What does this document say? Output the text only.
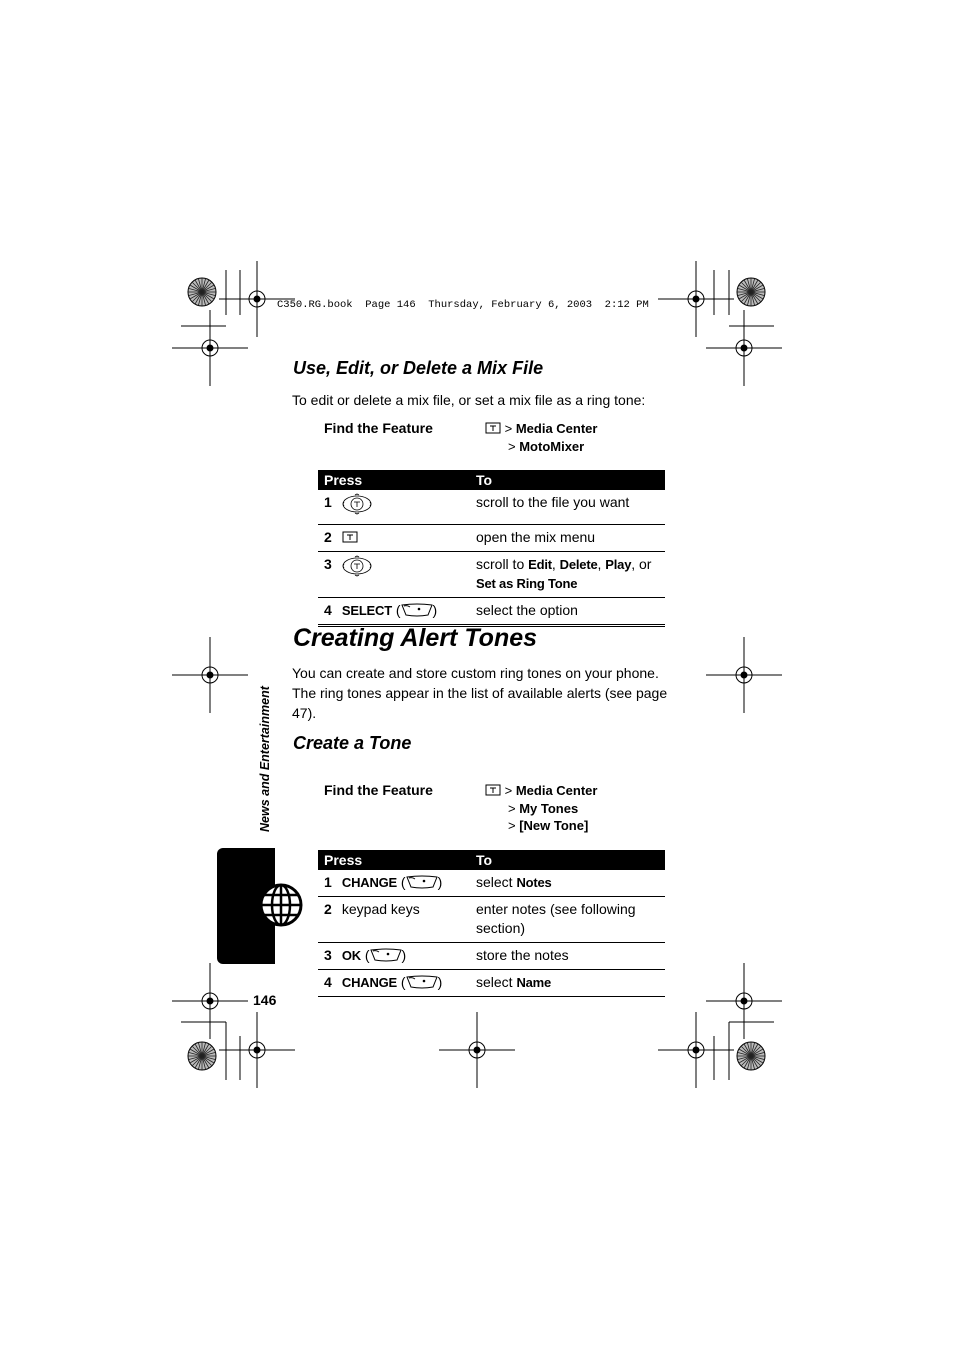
C350.RG.book  Page 146  Thursday, February 6, 2003  2:12 PM
Use, Edit, or Delete a Mix File
To edit or delete a mix file, or set a mix file as a ring tone:
Find the Feature	> Media Center
> MotoMixer
Press		To
1		scroll to the file you want
2		open the mix menu
3		scroll to Edit, Delete, Play, or
Set as Ring Tone
4	SELECT ( )	select the option
Creating Alert Tones
You can create and store custom ring tones on your phone. The ring tones appear in the list of available alerts (see page 47).
Create a Tone
Find the Feature	> Media Center
> My Tones
> [New Tone]
Press		To
1	CHANGE ( )	select Notes
2	keypad keys	enter notes (see following section)
3	OK ( )	store the notes
4	CHANGE ( )	select Name
News and Entertainment
146
